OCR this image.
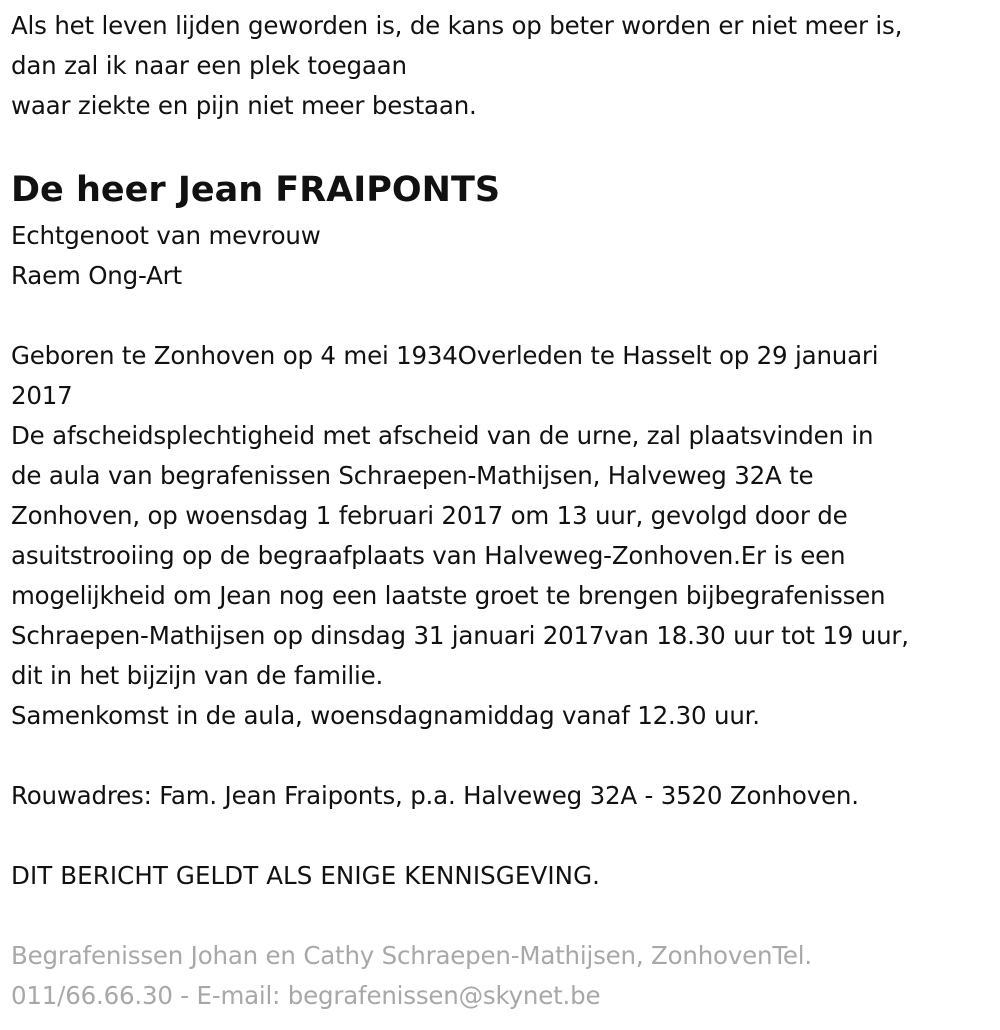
Als het leven lijden geworden is, de kans op beter worden er niet meer is,
dan zal ik naar een plek toegaan
waar ziekte en pijn niet meer bestaan.
De heer Jean FRAIPONTS
Echtgenoot van mevrouw
Raem Ong-Art
Geboren te Zonhoven op 4 mei 1934Overleden te Hasselt op 29 januari
2017
De afscheidsplechtigheid met afscheid van de urne, zal plaatsvinden in
de aula van begrafenissen Schraepen-Mathijsen, Halveweg 32A te
Zonhoven, op woensdag 1 februari 2017 om 13 uur, gevolgd door de
asuitstrooiing op de begraafplaats van Halveweg-Zonhoven.Er is een
mogelijkheid om Jean nog een laatste groet te brengen bijbegrafenissen
Schraepen-Mathijsen op dinsdag 31 januari 2017van 18.30 uur tot 19 uur,
dit in het bijzijn van de familie.
Samenkomst in de aula, woensdagnamiddag vanaf 12.30 uur.
Rouwadres: Fam. Jean Fraiponts, p.a. Halveweg 32A - 3520 Zonhoven.
DIT BERICHT GELDT ALS ENIGE KENNISGEVING.
Begrafenissen Johan en Cathy Schraepen-Mathijsen, ZonhovenTel.
011/66.66.30 - E-mail: begrafenissen@skynet.be
